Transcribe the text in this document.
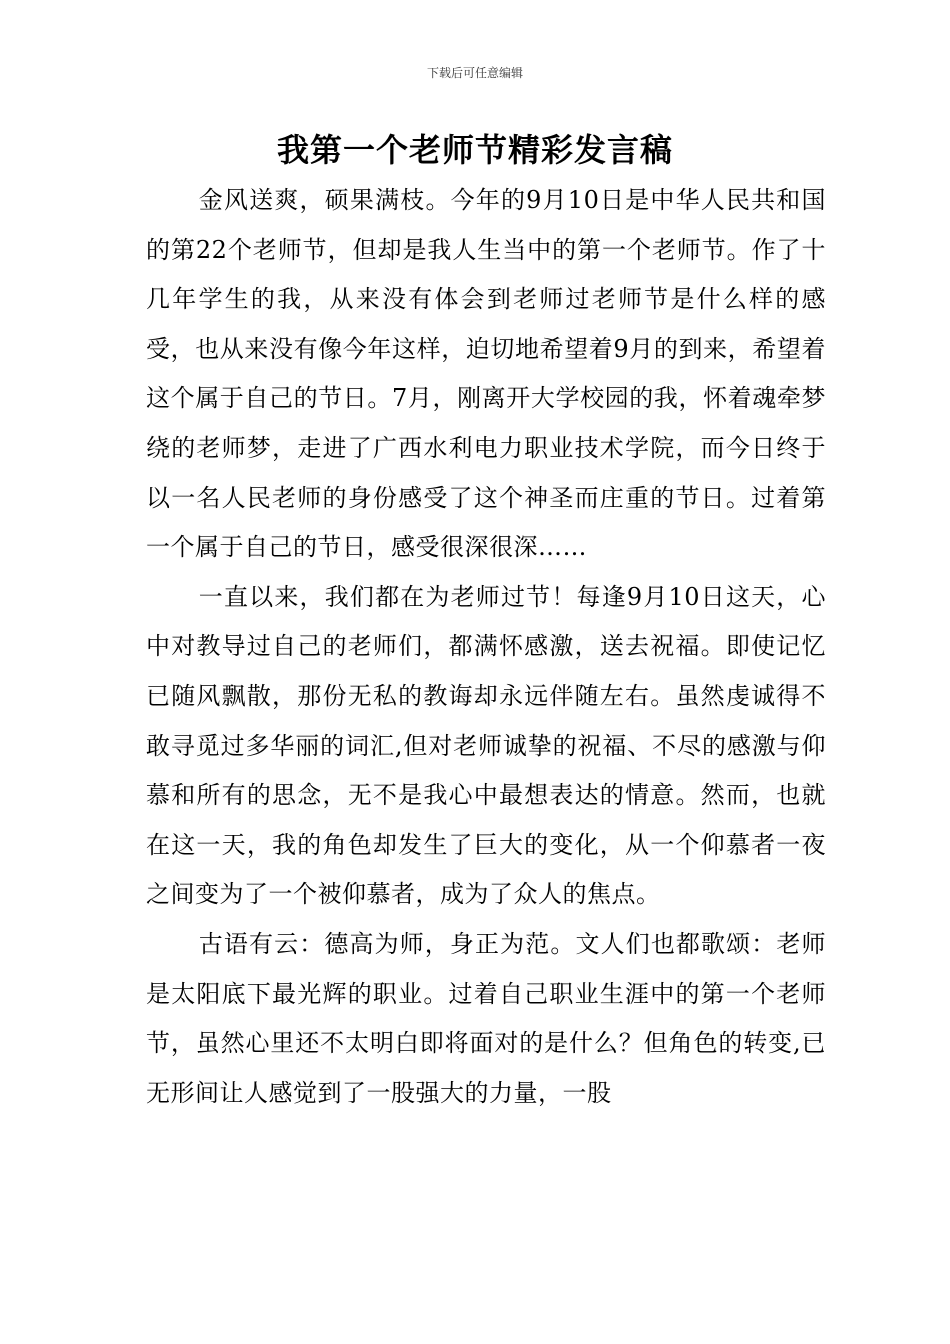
下载后可任意编辑
我第一个老师节精彩发言稿

金风送爽，硕果满枝。今年的9月10日是中华人民共和国的第22个老师节，但却是我人生当中的第一个老师节。作了十几年学生的我，从来没有体会到老师过老师节是什么样的感受，也从来没有像今年这样，迫切地希望着9月的到来，希望着这个属于自己的节日。7月，刚离开大学校园的我，怀着魂牵梦绕的老师梦，走进了广西水利电力职业技术学院，而今日终于以一名人民老师的身份感受了这个神圣而庄重的节日。过着第一个属于自己的节日，感受很深很深……

一直以来，我们都在为老师过节！每逢9月10日这天，心中对教导过自己的老师们，都满怀感激，送去祝福。即使记忆已随风飘散，那份无私的教诲却永远伴随左右。虽然虔诚得不敢寻觅过多华丽的词汇,但对老师诚挚的祝福、不尽的感激与仰慕和所有的思念，无不是我心中最想表达的情意。然而，也就在这一天，我的角色却发生了巨大的变化，从一个仰慕者一夜之间变为了一个被仰慕者，成为了众人的焦点。

古语有云：德高为师，身正为范。文人们也都歌颂：老师是太阳底下最光辉的职业。过着自己职业生涯中的第一个老师节，虽然心里还不太明白即将面对的是什么？但角色的转变,已无形间让人感觉到了一股强大的力量，一股
